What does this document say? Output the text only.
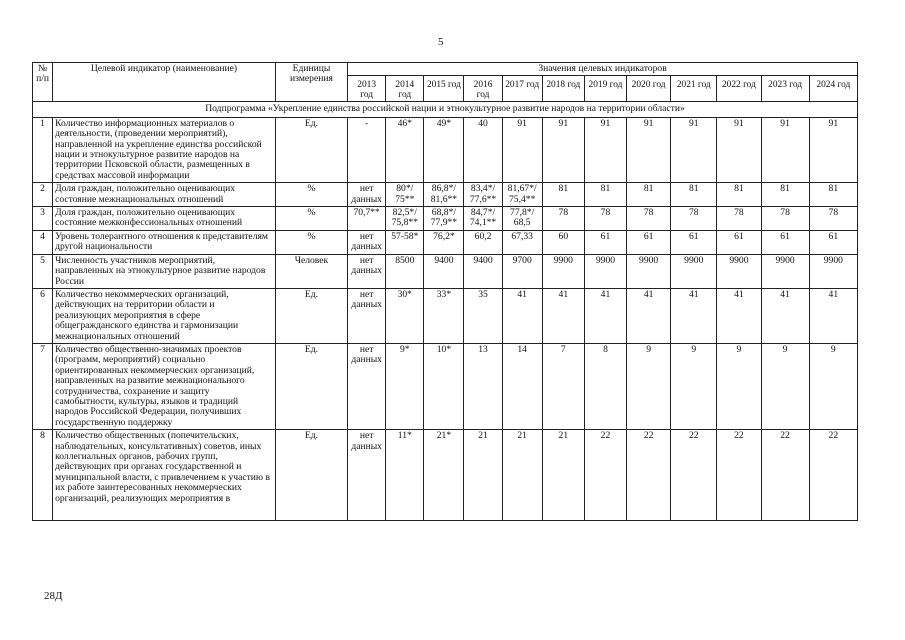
5
№ п/п	Целевой индикатор (наименование)	Единицы измерения	Значения целевых индикаторов											
			2013 год	2014 год	2015 год	2016 год	2017 год	2018 год	2019 год	2020 год	2021 год	2022 год	2023 год	2024 год
Подпрограмма «Укрепление единства российской нации и этнокультурное развитие народов на территории области»														
1	Количество информационных материалов о деятельности, (проведении мероприятий), направленной на укрепление единства российской нации и этнокультурное развитие народов на территории Псковской области, размещенных в средствах массовой информации	Ед.	-	46*	49*	40	91	91	91	91	91	91	91	91
2	Доля граждан, положительно оценивающих состояние межнациональных отношений	%	нет данных	80*/ 75**	86,8*/ 81,6**	83,4*/ 77,6**	81,67*/ 75,4**	81	81	81	81	81	81	81
3	Доля граждан, положительно оценивающих состояние межконфессиональных отношений	%	70,7**	82,5*/ 75,8**	68,8*/ 77,9**	84,7*/ 74,1**	77,8*/ 68,5	78	78	78	78	78	78	78
4	Уровень толерантного отношения к представителям другой национальности	%	нет данных	57-58*	76,2*	60,2	67,33	60	61	61	61	61	61	61
5	Численность участников мероприятий, направленных на этнокультурное развитие народов России	Человек	нет данных	8500	9400	9400	9700	9900	9900	9900	9900	9900	9900	9900
6	Количество некоммерческих организаций, действующих на территории области и реализующих мероприятия в сфере общегражданского единства и гармонизации межнациональных отношений	Ед.	нет данных	30*	33*	35	41	41	41	41	41	41	41	41
7	Количество общественно-значимых проектов (программ, мероприятий) социально ориентированных некоммерческих организаций, направленных на развитие межнационального сотрудничества, сохранение и защиту самобытности, культуры, языков и традиций народов Российской Федерации, получивших государственную поддержку	Ед.	нет данных	9*	10*	13	14	7	8	9	9	9	9	9
8	Количество общественных (попечительских, наблюдательных, консультативных) советов, иных коллегиальных органов, рабочих групп, действующих при органах государственной и муниципальной власти, с привлечением к участию в их работе заинтересованных некоммерческих организаций, реализующих мероприятия в	Ед.	нет данных	11*	21*	21	21	21	22	22	22	22	22	22
28Д
